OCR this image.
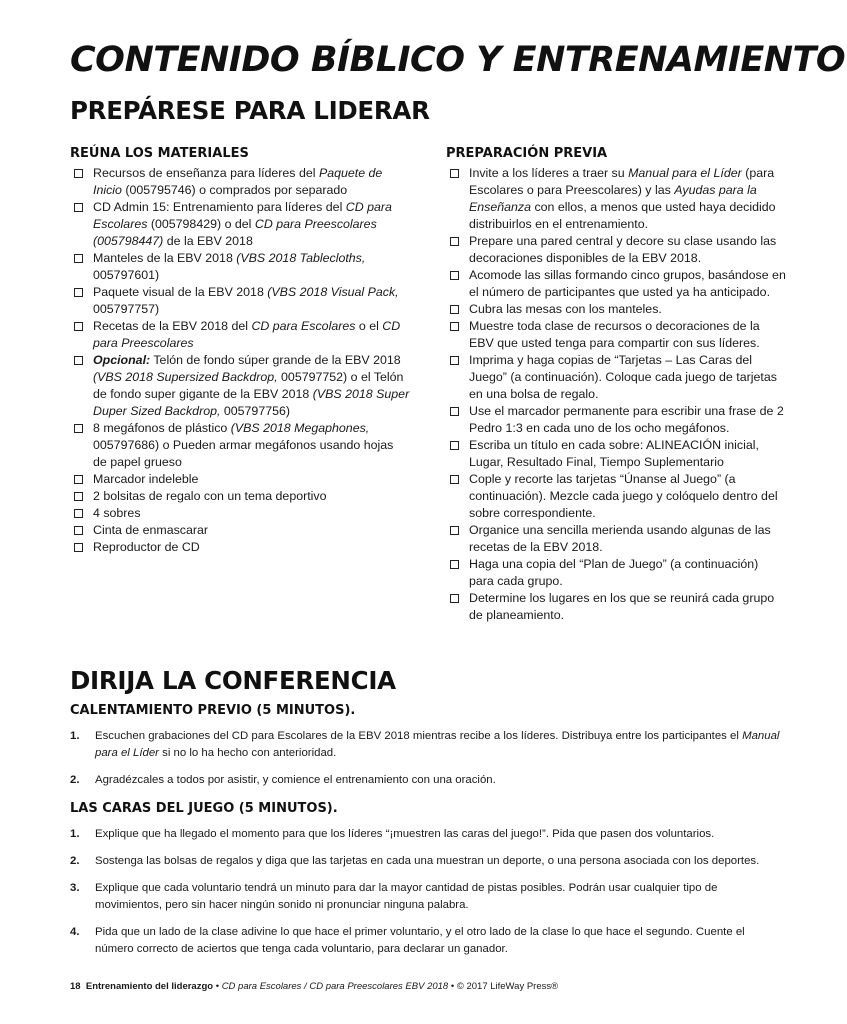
CONTENIDO BÍBLICO Y ENTRENAMIENTO
PREPÁRESE PARA LIDERAR
REÚNA LOS MATERIALES
Recursos de enseñanza para líderes del Paquete de Inicio (005795746) o comprados por separado
CD Admin 15: Entrenamiento para líderes del CD para Escolares (005798429) o del CD para Preescolares (005798447) de la EBV 2018
Manteles de la EBV 2018 (VBS 2018 Tablecloths, 005797601)
Paquete visual de la EBV 2018 (VBS 2018 Visual Pack, 005797757)
Recetas de la EBV 2018 del CD para Escolares o el CD para Preescolares
Opcional: Telón de fondo súper grande de la EBV 2018 (VBS 2018 Supersized Backdrop, 005797752) o el Telón de fondo super gigante de la EBV 2018 (VBS 2018 Super Duper Sized Backdrop, 005797756)
8 megáfonos de plástico (VBS 2018 Megaphones, 005797686) o Pueden armar megáfonos usando hojas de papel grueso
Marcador indeleble
2 bolsitas de regalo con un tema deportivo
4 sobres
Cinta de enmascarar
Reproductor de CD
PREPARACIÓN PREVIA
Invite a los líderes a traer su Manual para el Líder (para Escolares o para Preescolares) y las Ayudas para la Enseñanza con ellos, a menos que usted haya decidido distribuirlos en el entrenamiento.
Prepare una pared central y decore su clase usando las decoraciones disponibles de la EBV 2018.
Acomode las sillas formando cinco grupos, basándose en el número de participantes que usted ya ha anticipado.
Cubra las mesas con los manteles.
Muestre toda clase de recursos o decoraciones de la EBV que usted tenga para compartir con sus líderes.
Imprima y haga copias de “Tarjetas – Las Caras del Juego” (a continuación). Coloque cada juego de tarjetas en una bolsa de regalo.
Use el marcador permanente para escribir una frase de 2 Pedro 1:3 en cada uno de los ocho megáfonos.
Escriba un título en cada sobre: ALINEACIÓN inicial, Lugar, Resultado Final, Tiempo Suplementario
Cople y recorte las tarjetas “Únanse al Juego” (a continuación). Mezcle cada juego y colóquelo dentro del sobre correspondiente.
Organice una sencilla merienda usando algunas de las recetas de la EBV 2018.
Haga una copia del “Plan de Juego” (a continuación) para cada grupo.
Determine los lugares en los que se reunirá cada grupo de planeamiento.
DIRIJA LA CONFERENCIA
CALENTAMIENTO PREVIO (5 MINUTOS).
1. Escuchen grabaciones del CD para Escolares de la EBV 2018 mientras recibe a los líderes. Distribuya entre los participantes el Manual para el Líder si no lo ha hecho con anterioridad.
2. Agradézcales a todos por asistir, y comience el entrenamiento con una oración.
LAS CARAS DEL JUEGO (5 MINUTOS).
1. Explique que ha llegado el momento para que los líderes “¡muestren las caras del juego!”. Pida que pasen dos voluntarios.
2. Sostenga las bolsas de regalos y diga que las tarjetas en cada una muestran un deporte, o una persona asociada con los deportes.
3. Explique que cada voluntario tendrá un minuto para dar la mayor cantidad de pistas posibles. Podrán usar cualquier tipo de movimientos, pero sin hacer ningún sonido ni pronunciar ninguna palabra.
4. Pida que un lado de la clase adivine lo que hace el primer voluntario, y el otro lado de la clase lo que hace el segundo. Cuente el número correcto de aciertos que tenga cada voluntario, para declarar un ganador.
18 Entrenamiento del liderazgo • CD para Escolares / CD para Preescolares EBV 2018 • © 2017 LifeWay Press®
